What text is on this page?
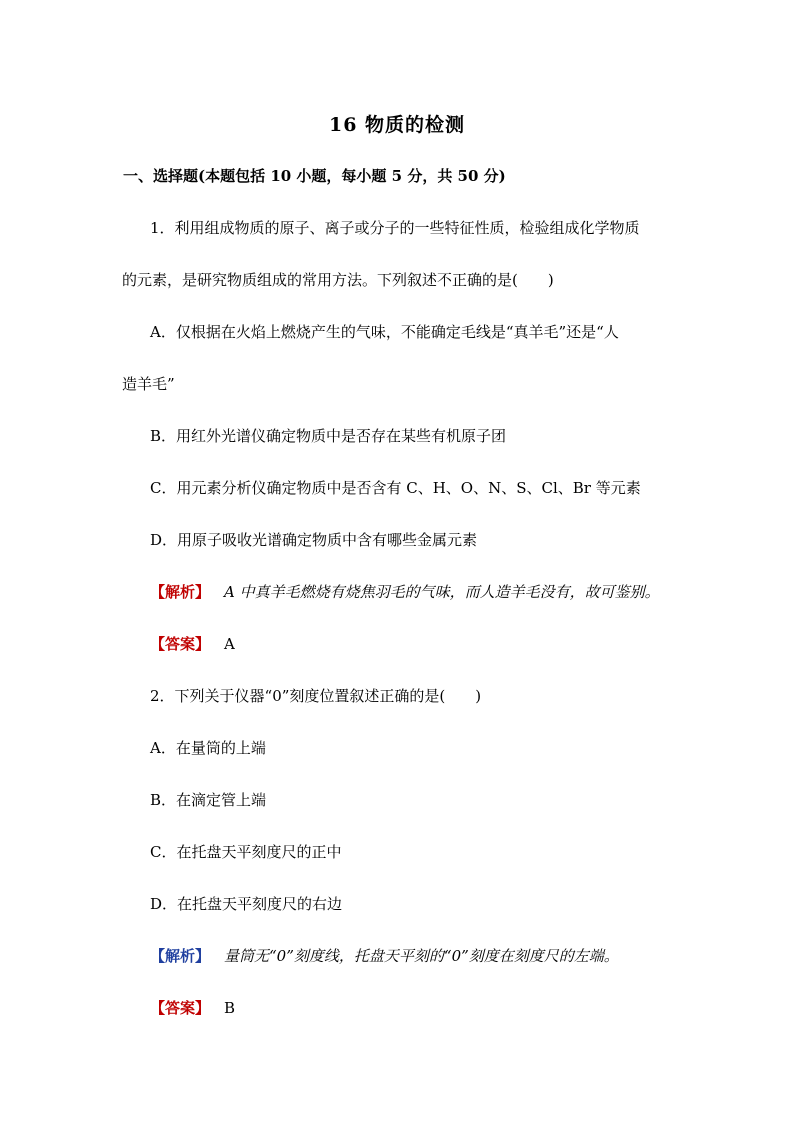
16 物质的检测
一、选择题(本题包括 10 小题，每小题 5 分，共 50 分)
1．利用组成物质的原子、离子或分子的一些特征性质，检验组成化学物质
的元素，是研究物质组成的常用方法。下列叙述不正确的是(　　)
A．仅根据在火焰上燃烧产生的气味，不能确定毛线是“真羊毛”还是“人
造羊毛”
B．用红外光谱仪确定物质中是否存在某些有机原子团
C．用元素分析仪确定物质中是否含有 C、H、O、N、S、Cl、Br 等元素
D．用原子吸收光谱确定物质中含有哪些金属元素
【解析】 A 中真羊毛燃烧有烧焦羽毛的气味，而人造羊毛没有，故可鉴别。
【答案】 A
2．下列关于仪器“0”刻度位置叙述正确的是(　　)
A．在量筒的上端
B．在滴定管上端
C．在托盘天平刻度尺的正中
D．在托盘天平刻度尺的右边
【解析】 量筒无“0”刻度线，托盘天平刻的“0”刻度在刻度尺的左端。
【答案】 B
